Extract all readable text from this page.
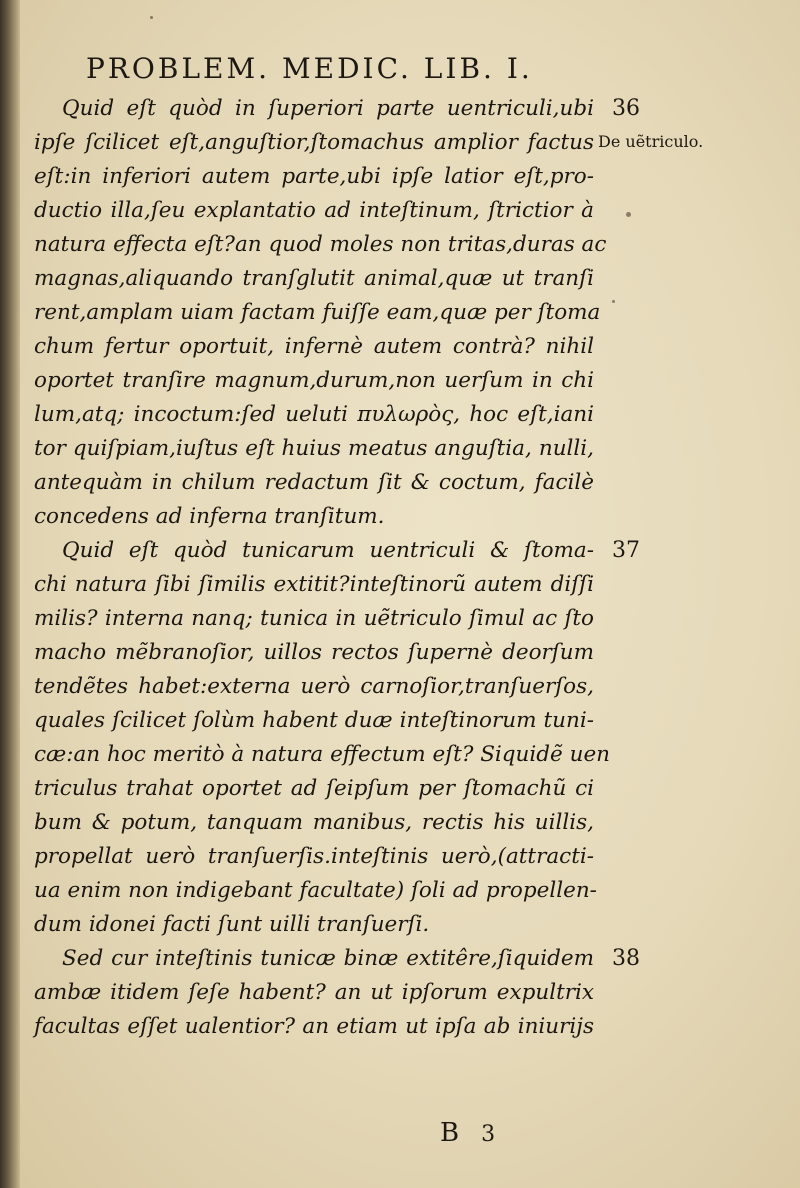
PROBLEM. MEDIC. LIB. I.
De uẽtriculo.
Quid eſt quòd in ſuperiori parte uentriculi,ubi
ipſe ſcilicet eſt,anguſtior,ſtomachus amplior factus
eſt:in inferiori autem parte,ubi ipſe latior eſt,pro-
ductio illa,ſeu explantatio ad inteſtinum, ſtrictior à
natura effecta eſt?an quod moles non tritas,duras ac
magnas,aliquando tranſglutit animal,quæ ut tranſi
rent,amplam uiam factam fuiſſe eam,quæ per ſtoma
chum fertur oportuit, infernè autem contrà? nihil
oportet tranſire magnum,durum,non uerſum in chi
lum,atq; incoctum:ſed ueluti πυλωρὸς, hoc eſt,iani
tor quiſpiam,iuſtus eſt huius meatus anguſtia, nulli,
antequàm in chilum redactum ſit & coctum, facilè
concedens ad inferna tranſitum.
Quid eſt quòd tunicarum uentriculi & ſtoma-
chi natura ſibi ſimilis extitit?inteſtinorũ autem diſſi
milis? interna nanq; tunica in uẽtriculo ſimul ac ſto
macho mẽbranoſior, uillos rectos ſupernè deorſum
tendẽtes habet:externa uerò carnoſior,tranſuerſos,
quales ſcilicet ſolùm habent duæ inteſtinorum tuni-
cæ:an hoc meritò à natura effectum eſt? Siquidẽ uen
triculus trahat oportet ad ſeipſum per ſtomachũ ci
bum & potum, tanquam manibus, rectis his uillis,
propellat uerò tranſuerſis.inteſtinis uerò,(attracti-
ua enim non indigebant facultate) ſoli ad propellen-
dum idonei facti ſunt uilli tranſuerſi.
Sed cur inteſtinis tunicæ binæ extitêre,ſiquidem
ambæ itidem ſeſe habent? an ut ipſorum expultrix
facultas eſſet ualentior? an etiam ut ipſa ab iniurijs
36
37
38
B 3
